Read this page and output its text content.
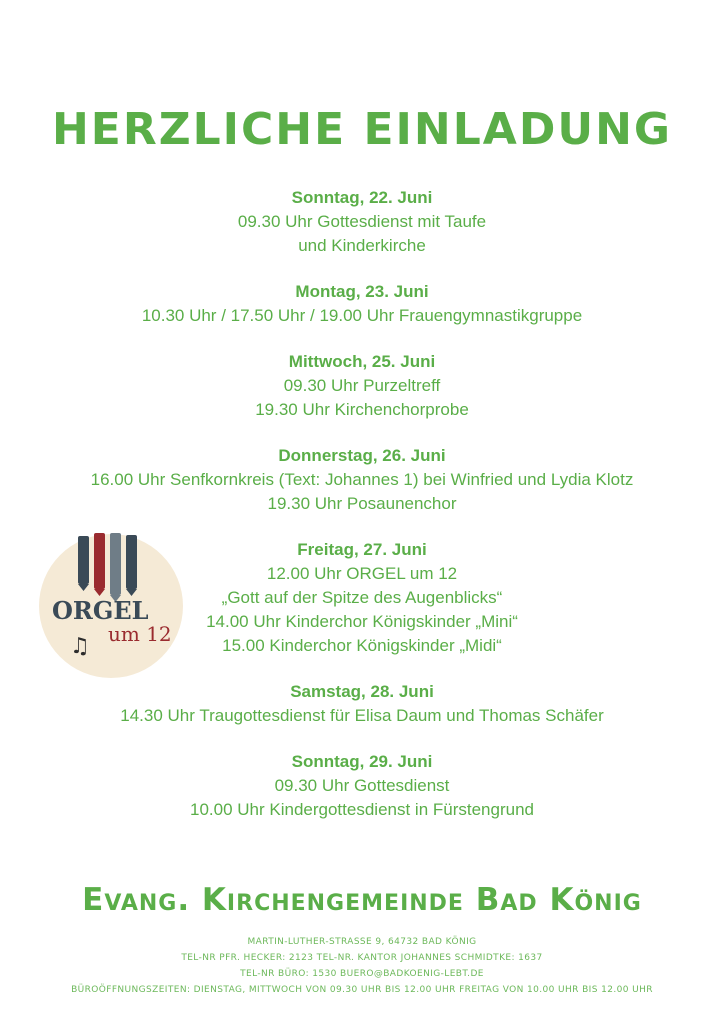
HERZLICHE EINLADUNG
Sonntag, 22. Juni
09.30 Uhr Gottesdienst mit Taufe
und Kinderkirche
Montag, 23. Juni
10.30 Uhr / 17.50 Uhr / 19.00 Uhr Frauengymnastikgruppe
Mittwoch, 25. Juni
09.30 Uhr Purzeltreff
19.30 Uhr Kirchenchorprobe
Donnerstag, 26. Juni
16.00 Uhr Senfkornkreis (Text: Johannes 1) bei Winfried und Lydia Klotz
19.30 Uhr Posaunenchor
Freitag, 27. Juni
12.00 Uhr ORGEL um 12
„Gott auf der Spitze des Augenblicks“
14.00 Uhr Kinderchor Königskinder „Mini“
15.00 Kinderchor Königskinder „Midi“
Samstag, 28. Juni
14.30 Uhr Traugottesdienst für Elisa Daum und Thomas Schäfer
Sonntag, 29. Juni
09.30 Uhr Gottesdienst
10.00 Uhr Kindergottesdienst in Fürstengrund
ORGEL
um 12
♫
Evang. Kirchengemeinde Bad König
MARTIN-LUTHER-STRASSE 9, 64732 BAD KÖNIG
TEL-NR PFR. HECKER: 2123 TEL-NR. KANTOR JOHANNES SCHMIDTKE: 1637
TEL-NR BÜRO: 1530 BUERO@BADKOENIG-LEBT.DE
BÜROÖFFNUNGSZEITEN: DIENSTAG, MITTWOCH VON 09.30 UHR BIS 12.00 UHR FREITAG VON 10.00 UHR BIS 12.00 UHR
